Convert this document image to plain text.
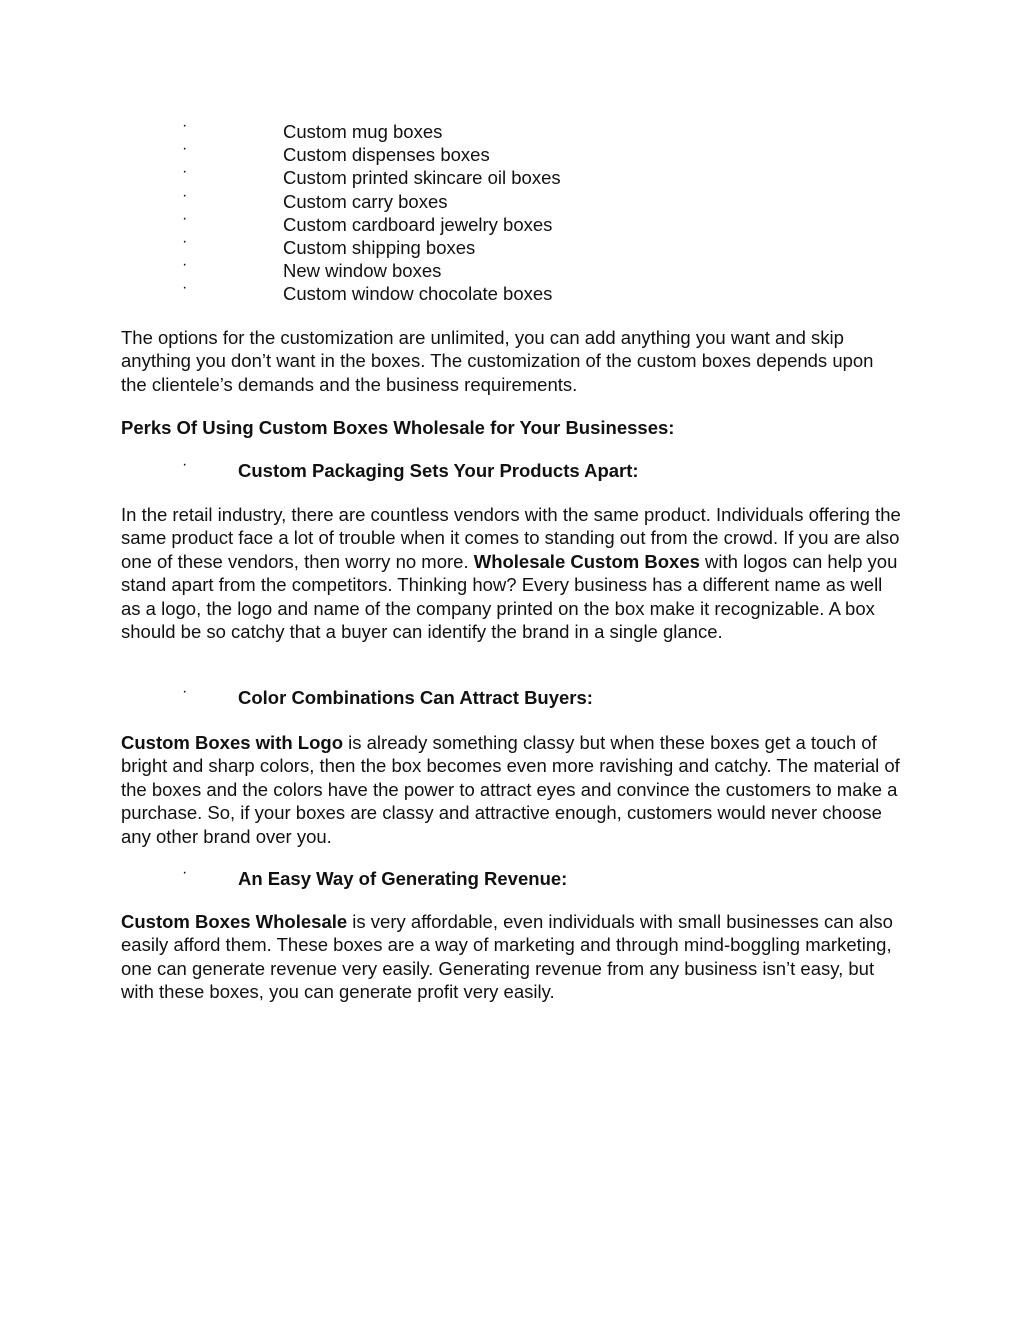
·	Custom mug boxes
·	Custom dispenses boxes
·	Custom printed skincare oil boxes
·	Custom carry boxes
·	Custom cardboard jewelry boxes
·	Custom shipping boxes
·	New window boxes
·	Custom window chocolate boxes

The options for the customization are unlimited, you can add anything you want and skip anything you don’t want in the boxes. The customization of the custom boxes depends upon the clientele’s demands and the business requirements.

Perks Of Using Custom Boxes Wholesale for Your Businesses:

·	Custom Packaging Sets Your Products Apart:

In the retail industry, there are countless vendors with the same product. Individuals offering the same product face a lot of trouble when it comes to standing out from the crowd. If you are also one of these vendors, then worry no more. Wholesale Custom Boxes with logos can help you stand apart from the competitors. Thinking how? Every business has a different name as well as a logo, the logo and name of the company printed on the box make it recognizable. A box should be so catchy that a buyer can identify the brand in a single glance.

·	Color Combinations Can Attract Buyers:

Custom Boxes with Logo is already something classy but when these boxes get a touch of bright and sharp colors, then the box becomes even more ravishing and catchy. The material of the boxes and the colors have the power to attract eyes and convince the customers to make a purchase. So, if your boxes are classy and attractive enough, customers would never choose any other brand over you.

·	An Easy Way of Generating Revenue:

Custom Boxes Wholesale is very affordable, even individuals with small businesses can also easily afford them. These boxes are a way of marketing and through mind-boggling marketing, one can generate revenue very easily. Generating revenue from any business isn’t easy, but with these boxes, you can generate profit very easily.
